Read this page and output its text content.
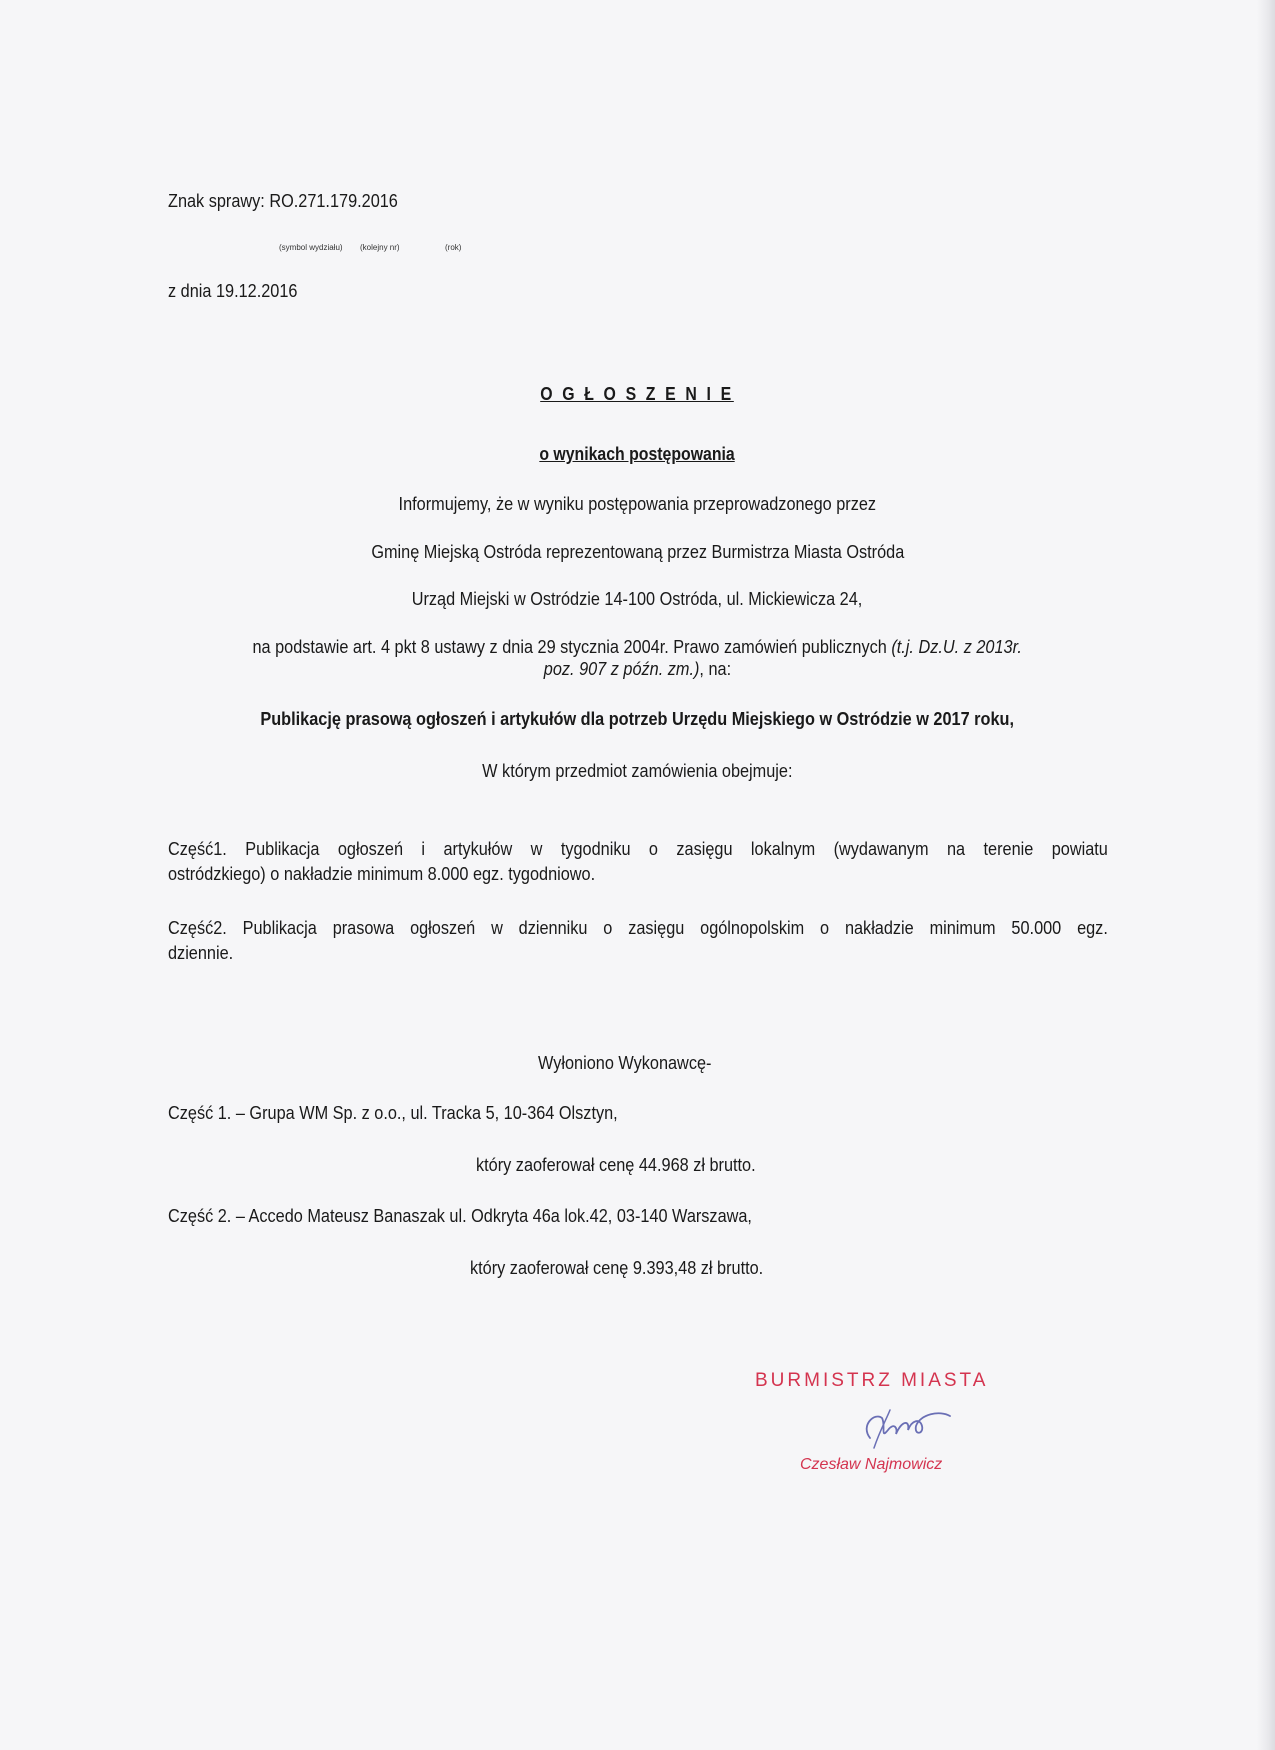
Znak sprawy: RO.271.179.2016
(symbol wydziału) (kolejny nr)	(rok)
z dnia 19.12.2016
O G Ł O S Z E N I E
o wynikach postępowania
Informujemy, że w wyniku postępowania przeprowadzonego przez
Gminę Miejską Ostróda reprezentowaną przez Burmistrza Miasta Ostróda
Urząd Miejski w Ostródzie 14-100 Ostróda, ul. Mickiewicza 24,
na podstawie art. 4 pkt 8 ustawy z dnia 29 stycznia 2004r. Prawo zamówień publicznych (t.j. Dz.U. z 2013r.
poz. 907 z późn. zm.), na:
Publikację prasową ogłoszeń i artykułów dla potrzeb Urzędu Miejskiego w Ostródzie w 2017 roku,
W którym przedmiot zamówienia obejmuje:
Część1. Publikacja ogłoszeń i artykułów w tygodniku o zasięgu lokalnym (wydawanym na terenie powiatu
ostródzkiego) o nakładzie minimum 8.000 egz. tygodniowo.
Część2. Publikacja prasowa ogłoszeń w dzienniku o zasięgu ogólnopolskim o nakładzie minimum 50.000 egz.
dziennie.
Wyłoniono Wykonawcę-
Część 1. – Grupa WM Sp. z o.o., ul. Tracka 5, 10-364 Olsztyn,
który zaoferował cenę 44.968 zł brutto.
Część 2. – Accedo Mateusz Banaszak ul. Odkryta 46a lok.42, 03-140 Warszawa,
który zaoferował cenę 9.393,48 zł brutto.
BURMISTRZ MIASTA
Czesław Najmowicz
